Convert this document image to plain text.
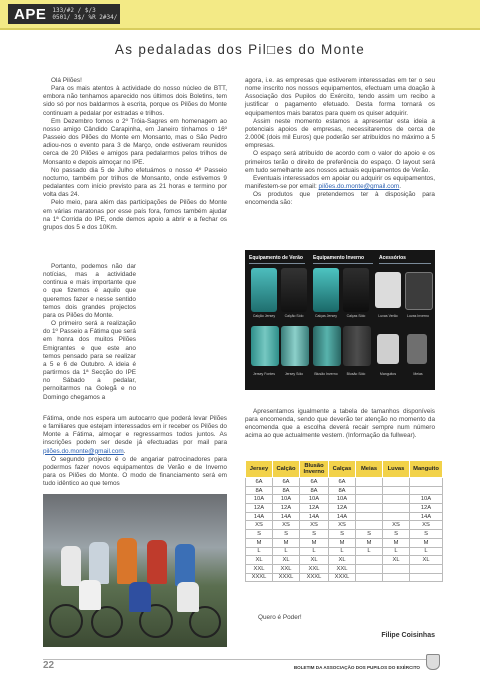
APE 133/#2 / $/3
0501/ 3$/ %R 2#34/
As pedaladas dos Pil□es do Monte

Olá Pilões!

Para os mais atentos à actividade do nosso núcleo de BTT, embora não tenhamos aparecido nos últimos dois Boletins, tem sido só por nos baldarmos à escrita, porque os Pilões do Monte continuam a pedalar por estradas e trilhos.

Em Dezembro fomos o 2º Tróia-Sagres em homenagem ao nosso amigo Cândido Carapinha, em Janeiro tínhamos o 16º Passeio dos Pilões do Monte em Monsanto, mas o São Pedro adiou-nos o evento para 3 de Março, onde estiveram reunidos cerca de 20 Pilões e amigos para pedalarmos pelos trilhos de Monsanto e depois almoçar no IPE.

No passado dia 5 de Julho efetuámos o nosso 4º Passeio nocturno, também por trilhos de Monsanto, onde estivemos 9 pedalantes com início previsto para as 21 horas e termino por volta das 24.

Pelo meio, para além das participações de Pilões do Monte em várias maratonas por esse país fora, fomos também ajudar na 1ª Corrida do IPE, onde demos apoio a abrir e a fechar os grupos dos 5 e dos 10Km.

Portanto, podemos não dar notícias, mas a actividade continua e mais importante que o que fizemos é aquilo que queremos fazer e nesse sentido temos dois grandes projectos para os Pilões do Monte.

O primeiro será a realização do 1º Passeio a Fátima que será em honra dos muitos Pilões Emigrantes e que este ano temos pensado para se realizar a 5 e 6 de Outubro. A ideia é partirmos da 1ª Secção do IPE no Sábado a pedalar, pernoitarmos na Golegã e no Domingo chegamos a

Fátima, onde nos espera um autocarro que poderá levar Pilões e familiares que estejam interessados em ir receber os Pilões do Monte a Fátima, almoçar e regressarmos todos juntos. As inscrições podem ser desde já efectuadas por mail para pilões.do.monte@gmail.com.

O segundo projecto é o de angariar patrocinadores para podermos fazer novos equipamentos de Verão e de Inverno para os Pilões do Monte. O modo de financiamento será em tudo idêntico ao que temos

agora, i.e. as empresas que estiverem interessadas em ter o seu nome inscrito nos nossos equipamentos, efectuam uma doação à Associação dos Pupilos do Exército, tendo assim um recibo a justificar o pagamento efetuado. Desta forma tornará os equipamentos mais baratos para quem os quiser adquirir.

Assim neste momento estamos a apresentar esta ideia a potenciais apoios de empresas, necessitaremos de cerca de 2.000€ (dois mil Euros) que poderão ser atribuídos no máximo a 5 empresas.

O espaço será atribuído de acordo com o valor do apoio e os primeiros terão o direito de preferência do espaço. O layout será em tudo semelhante aos nossos actuais equipamentos de Verão.

Eventuais interessados em apoiar ou adquirir os equipamentos, manifestem-se por email: pilões.do.monte@gmail.com.

Os produtos que pretendemos ter à disposição para encomenda são:

Equipamento de Verão	Equipamento Inverno	Acessórios
Calção Jersey	Calção Sólo	Calças Jersey	Calças Sólo	Luvas Verão	Luvas Inverno
Jersey Fontes	Jersey Sólo	Blusão Inverno	Blusão Sólo	Manguitos	Meias

Apresentamos igualmente a tabela de tamanhos disponíveis para encomenda, sendo que deverão ter atenção no momento da encomenda que a escolha deverá recair sempre num número acima ao que actualmente vestem. (Informação da fullwear).

Jersey	Calção	Blusão Inverno	Calças	Meias	Luvas	Manguito
6A	6A	6A	6A			
8A	8A	8A	8A			
10A	10A	10A	10A			10A
12A	12A	12A	12A			12A
14A	14A	14A	14A			14A
XS	XS	XS	XS		XS	XS
S	S	S	S	S	S	S
M	M	M	M	M	M	M
L	L	L	L	L	L	L
XL	XL	XL	XL		XL	XL
XXL	XXL	XXL	XXL			
XXXL	XXXL	XXXL	XXXL			
Quero é Poder!
Filipe Coisinhas
22	BOLETIM DA ASSOCIAÇÃO DOS PUPILOS DO EXÉRCITO
